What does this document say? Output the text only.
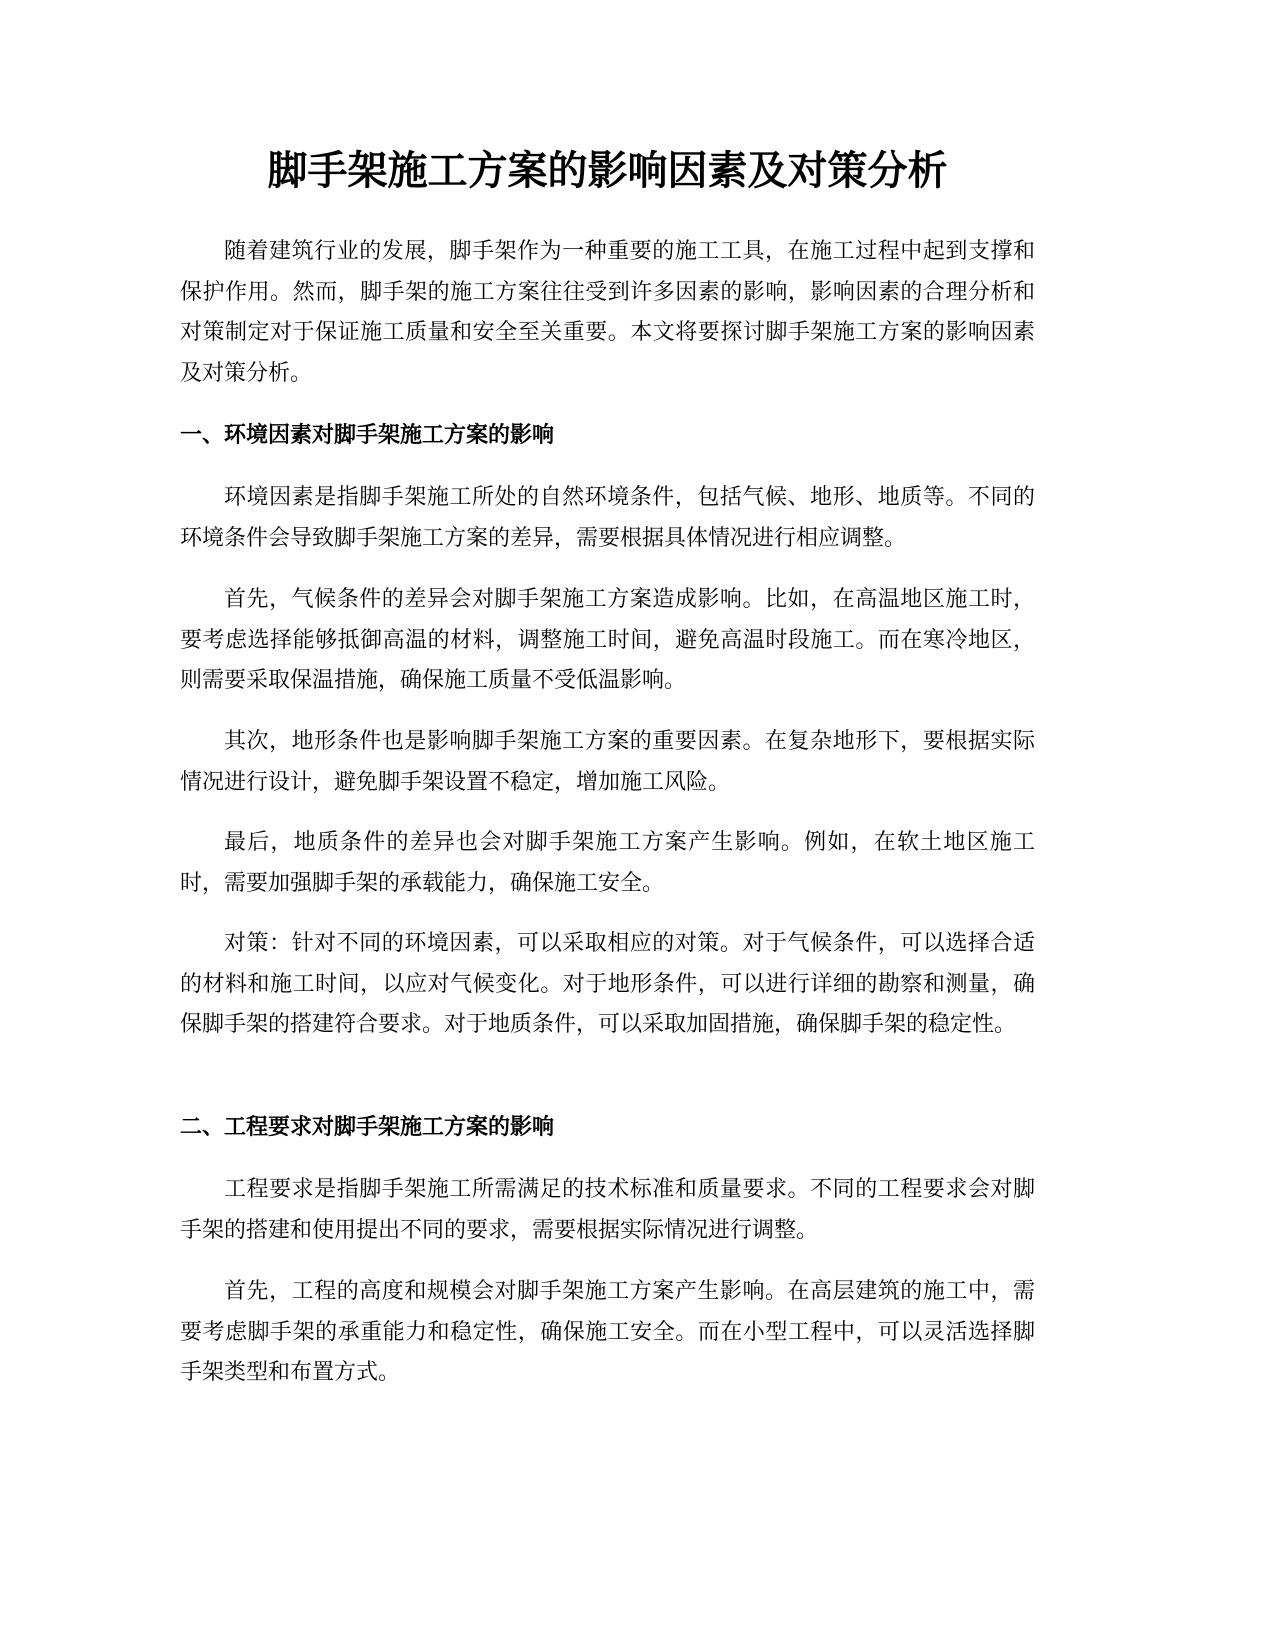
脚手架施工方案的影响因素及对策分析

随着建筑行业的发展，脚手架作为一种重要的施工工具，在施工过程中起到支撑和保护作用。然而，脚手架的施工方案往往受到许多因素的影响，影响因素的合理分析和对策制定对于保证施工质量和安全至关重要。本文将要探讨脚手架施工方案的影响因素及对策分析。

一、环境因素对脚手架施工方案的影响

环境因素是指脚手架施工所处的自然环境条件，包括气候、地形、地质等。不同的环境条件会导致脚手架施工方案的差异，需要根据具体情况进行相应调整。

首先，气候条件的差异会对脚手架施工方案造成影响。比如，在高温地区施工时，要考虑选择能够抵御高温的材料，调整施工时间，避免高温时段施工。而在寒冷地区，则需要采取保温措施，确保施工质量不受低温影响。

其次，地形条件也是影响脚手架施工方案的重要因素。在复杂地形下，要根据实际情况进行设计，避免脚手架设置不稳定，增加施工风险。

最后，地质条件的差异也会对脚手架施工方案产生影响。例如，在软土地区施工时，需要加强脚手架的承载能力，确保施工安全。

对策：针对不同的环境因素，可以采取相应的对策。对于气候条件，可以选择合适的材料和施工时间，以应对气候变化。对于地形条件，可以进行详细的勘察和测量，确保脚手架的搭建符合要求。对于地质条件，可以采取加固措施，确保脚手架的稳定性。

二、工程要求对脚手架施工方案的影响

工程要求是指脚手架施工所需满足的技术标准和质量要求。不同的工程要求会对脚手架的搭建和使用提出不同的要求，需要根据实际情况进行调整。

首先，工程的高度和规模会对脚手架施工方案产生影响。在高层建筑的施工中，需要考虑脚手架的承重能力和稳定性，确保施工安全。而在小型工程中，可以灵活选择脚手架类型和布置方式。
